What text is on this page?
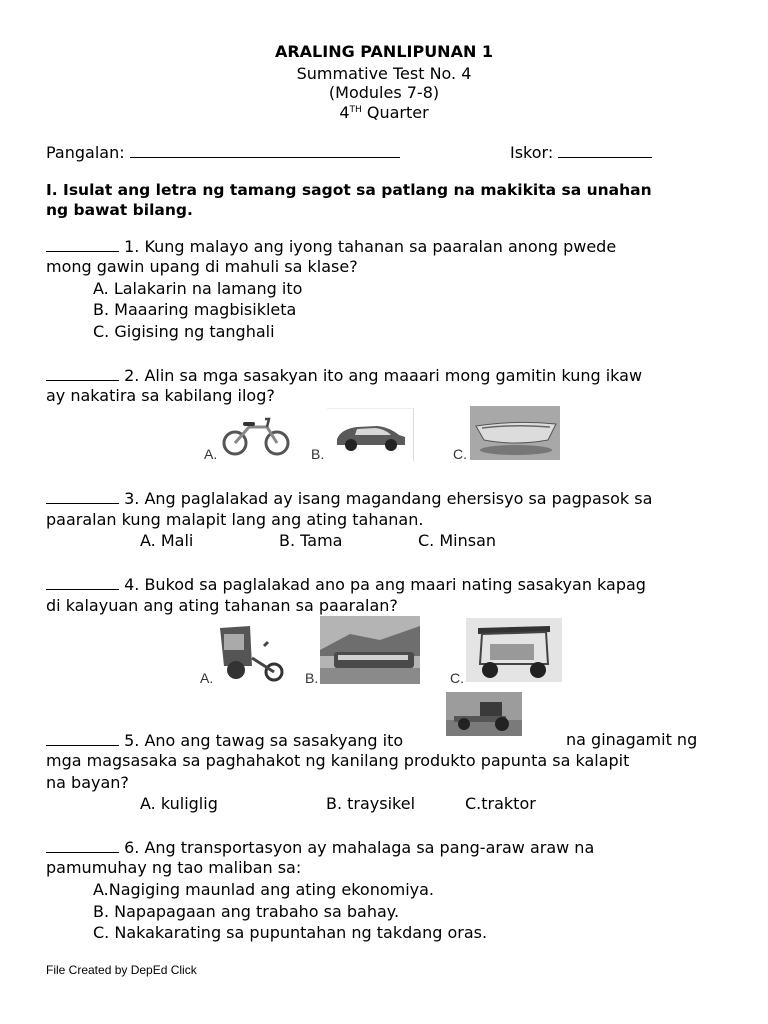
ARALING PANLIPUNAN 1
Summative Test No. 4
(Modules 7-8)
4TH Quarter
Pangalan:	Iskor:
I. Isulat ang letra ng tamang sagot sa patlang na makikita sa unahan
ng bawat bilang.
1. Kung malayo ang iyong tahanan sa paaralan anong pwede
mong gawin upang di mahuli sa klase?
A. Lalakarin na lamang ito
B. Maaaring magbisikleta
C. Gigising ng tanghali
2. Alin sa mga sasakyan ito ang maaari mong gamitin kung ikaw
ay nakatira sa kabilang ilog?
A.	B.	C.
3. Ang paglalakad ay isang magandang ehersisyo sa pagpasok sa
paaralan kung malapit lang ang ating tahanan.
A. Mali	B. Tama	C. Minsan
4. Bukod sa paglalakad ano pa ang maari nating sasakyan kapag
di kalayuan ang ating tahanan sa paaralan?
A.	B.	C.
5. Ano ang tawag sa sasakyang ito	na ginagamit ng
mga magsasaka sa paghahakot ng kanilang produkto papunta sa kalapit
na bayan?
A. kuliglig	B. traysikel	C.traktor
6. Ang transportasyon ay mahalaga sa pang-araw araw na
pamumuhay ng tao maliban sa:
A.Nagiging maunlad ang ating ekonomiya.
B. Napapagaan ang trabaho sa bahay.
C. Nakakarating sa pupuntahan ng takdang oras.
File Created by DepEd Click
